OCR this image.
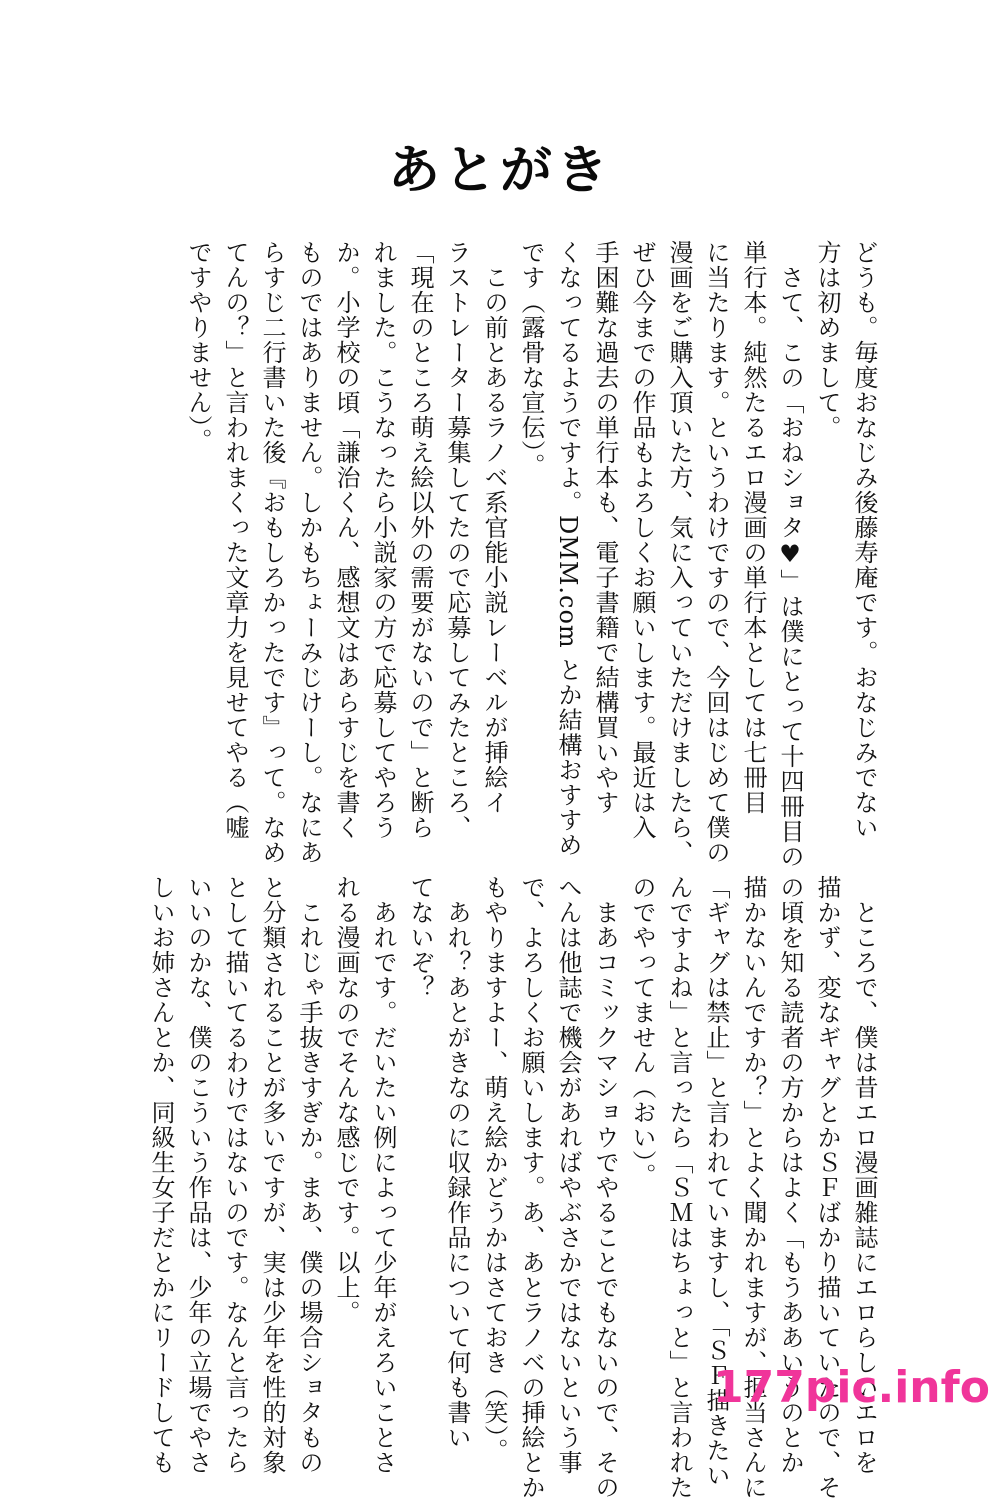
あとがき

どうも。毎度おなじみ後藤寿庵です。おなじみでない

方は初めまして。

　さて、この「おねショタ♥」は僕にとって十四冊目の

単行本。純然たるエロ漫画の単行本としては七冊目

に当たります。というわけですので、今回はじめて僕の

漫画をご購入頂いた方、気に入っていただけましたら、

ぜひ今までの作品もよろしくお願いします。最近は入

手困難な過去の単行本も、電子書籍で結構買いやす

くなってるようですよ。DMM.com とか結構おすすめ

です（露骨な宣伝）。

　この前とあるラノベ系官能小説レーベルが挿絵イ

ラストレーター募集してたので応募してみたところ、

「現在のところ萌え絵以外の需要がないので」と断ら

れました。こうなったら小説家の方で応募してやろう

か。小学校の頃「謙治くん、感想文はあらすじを書く

ものではありません。しかもちょーみじけーし。なにあ

らすじ二行書いた後『おもしろかったです』って。なめ

てんの？」と言われまくった文章力を見せてやる（嘘

ですやりません）。

　ところで、僕は昔エロ漫画雑誌にエロらしいエロを

描かず、変なギャグとかＳＦばかり描いていたので、そ

の頃を知る読者の方からはよく「もうああいうのとか

描かないんですか？」とよく聞かれますが、担当さんに

「ギャグは禁止」と言われていますし、「ＳＦ描きたい

んですよね」と言ったら「ＳＭはちょっと」と言われた

のでやってません（おい）。

　まあコミックマショウでやることでもないので、その

へんは他誌で機会があればやぶさかではないという事

で、よろしくお願いします。あ、あとラノベの挿絵とか

もやりますよー、萌え絵かどうかはさておき（笑）。

　あれ？あとがきなのに収録作品について何も書い

てないぞ？

　あれです。だいたい例によって少年がえろいことさ

れる漫画なのでそんな感じです。以上。

　これじゃ手抜きすぎか。まあ、僕の場合ショタもの

と分類されることが多いですが、実は少年を性的対象

として描いてるわけではないのです。なんと言ったら

いいのかな、僕のこういう作品は、少年の立場でやさ

しいお姉さんとか、同級生女子だとかにリードしても	177pic.info
